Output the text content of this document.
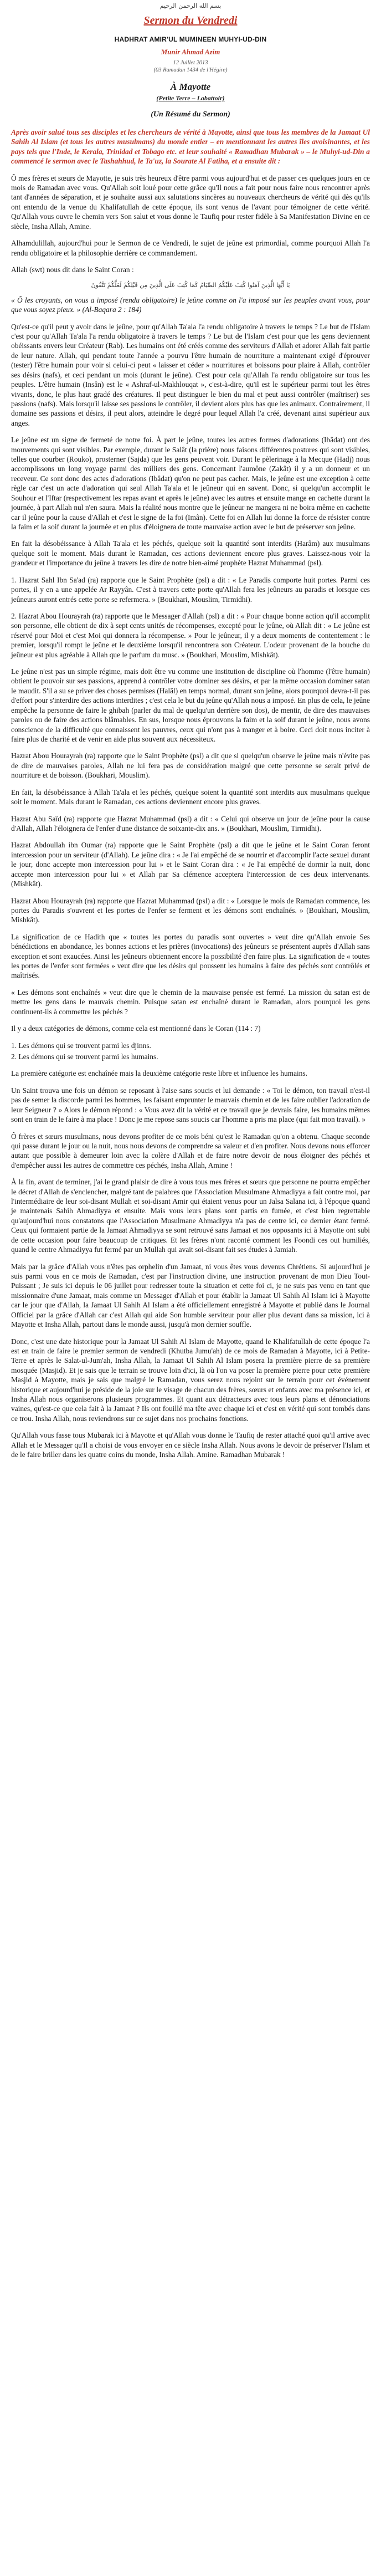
بسم الله الرحمن الرحيم
Sermon du Vendredi
HADHRAT AMIR'UL MUMINEEN MUHYI-UD-DIN
Munir Ahmad Azim
12 Juillet 2013
(03 Ramadan 1434 de l'Hégire)
À Mayotte
(Petite Terre – Labattoir)
(Un Résumé du Sermon)

Après avoir salué tous ses disciples et les chercheurs de vérité à Mayotte, ainsi que tous les membres de la Jamaat Ul Sahih Al Islam (et tous les autres musulmans) du monde entier – en mentionnant les autres îles avoisinantes, et les pays tels que l'Inde, le Kerala, Trinidad et Tobago etc. et leur souhaité « Ramadhan Mubarak » – le Muhyi-ud-Din a commencé le sermon avec le Tashahhud, le Ta'uz, la Sourate Al Fatiha, et a ensuite dit :

Ô mes frères et sœurs de Mayotte, je suis très heureux d'être parmi vous aujourd'hui et de passer ces quelques jours en ce mois de Ramadan avec vous. Qu'Allah soit loué pour cette grâce qu'Il nous a fait pour nous faire nous rencontrer après tant d'années de séparation, et je souhaite aussi aux salutations sincères au nouveaux chercheurs de vérité qui dès qu'ils ont entendu de la venue du Khalifatullah de cette époque, ils sont venus de l'avant pour témoigner de cette vérité. Qu'Allah vous ouvre le chemin vers Son salut et vous donne le Taufiq pour rester fidèle à Sa Manifestation Divine en ce siècle, Insha Allah, Amine.

Alhamdulillah, aujourd'hui pour le Sermon de ce Vendredi, le sujet de jeûne est primordial, comme pourquoi Allah l'a rendu obligatoire et la philosophie derrière ce commandement.

Allah (swt) nous dit dans le Saint Coran :

يَا أَيُّهَا الَّذِينَ آمَنُوا كُتِبَ عَلَيْكُمُ الصِّيَامُ كَمَا كُتِبَ عَلَى الَّذِينَ مِن قَبْلِكُمْ لَعَلَّكُمْ تَتَّقُونَ

« Ô les croyants, on vous a imposé (rendu obligatoire) le jeûne comme on l'a imposé sur les peuples avant vous, pour que vous soyez pieux. » (Al-Baqara 2 : 184)

Qu'est-ce qu'il peut y avoir dans le jeûne, pour qu'Allah Ta'ala l'a rendu obligatoire à travers le temps ? Le but de l'Islam c'est pour qu'Allah Ta'ala l'a rendu obligatoire à travers le temps ? Le but de l'Islam c'est pour que les gens deviennent obéissants envers leur Créateur (Rab). Les humains ont été créés comme des serviteurs d'Allah et adorer Allah fait partie de leur nature. Allah, qui pendant toute l'année a pourvu l'être humain de nourriture a maintenant exigé d'éprouver (tester) l'être humain pour voir si celui-ci peut « laisser et céder » nourritures et boissons pour plaire à Allah, contrôler ses désirs (nafs), et ceci pendant un mois (durant le jeûne). C'est pour cela qu'Allah l'a rendu obligatoire sur tous les peuples. L'être humain (Insân) est le « Ashraf-ul-Makhlouqat », c'est-à-dire, qu'il est le supérieur parmi tout les êtres vivants, donc, le plus haut gradé des créatures. Il peut distinguer le bien du mal et peut aussi contrôler (maîtriser) ses passions (nafs). Mais lorsqu'il laisse ses passions le contrôler, il devient alors plus bas que les animaux. Contrairement, il domaine ses passions et désirs, il peut alors, atteindre le degré pour lequel Allah l'a créé, devenant ainsi supérieur aux anges.

Le jeûne est un signe de fermeté de notre foi. À part le jeûne, toutes les autres formes d'adorations (Ibâdat) ont des mouvements qui sont visibles. Par exemple, durant le Salât (la prière) nous faisons différentes postures qui sont visibles, telles que courber (Rouko), prosterner (Sajda) que les gens peuvent voir. Durant le pèlerinage à la Mecque (Hadj) nous accomplissons un long voyage parmi des milliers des gens. Concernant l'aumône (Zakât) il y a un donneur et un receveur. Ce sont donc des actes d'adorations (Ibâdat) qu'on ne peut pas cacher. Mais, le jeûne est une exception à cette règle car c'est un acte d'adoration qui seul Allah Ta'ala et le jeûneur qui en savent. Donc, si quelqu'un accomplit le Souhour et l'Iftar (respectivement les repas avant et après le jeûne) avec les autres et ensuite mange en cachette durant la journée, à part Allah nul n'en saura. Mais la réalité nous montre que le jeûneur ne mangera ni ne boira même en cachette car il jeûne pour la cause d'Allah et c'est le signe de la foi (Imân). Cette foi en Allah lui donne la force de résister contre la faim et la soif durant la journée et en plus d'éloignera de toute mauvaise action avec le but de préserver son jeûne.

En fait la désobéissance à Allah Ta'ala et les péchés, quelque soit la quantité sont interdits (Harâm) aux musulmans quelque soit le moment. Mais durant le Ramadan, ces actions deviennent encore plus graves. Laissez-nous voir la grandeur et l'importance du jeûne à travers les dire de notre bien-aimé prophète Hazrat Muhammad (psl).

1. Hazrat Sahl Ibn Sa'ad (ra) rapporte que le Saint Prophète (psl) a dit : « Le Paradis comporte huit portes. Parmi ces portes, il y en a une appelée Ar Rayyân. C'est à travers cette porte qu'Allah fera les jeûneurs au paradis et lorsque ces jeûneurs auront entrés cette porte se refermera. » (Boukhari, Mouslim, Tirmidhi).

2. Hazrat Abou Hourayrah (ra) rapporte que le Messager d'Allah (psl) a dit : « Pour chaque bonne action qu'il accomplit son personne, elle obtient de dix à sept cents unités de récompenses, excepté pour le jeûne, où Allah dit : « Le jeûne est réservé pour Moi et c'est Moi qui donnera la récompense. » Pour le jeûneur, il y a deux moments de contentement : le premier, lorsqu'il rompt le jeûne et le deuxième lorsqu'il rencontrera son Créateur. L'odeur provenant de la bouche du jeûneur est plus agréable à Allah que le parfum du musc. » (Boukhari, Mouslim, Mishkât).

Le jeûne n'est pas un simple régime, mais doit être vu comme une institution de discipline où l'homme (l'être humain) obtient le pouvoir sur ses passions, apprend à contrôler votre dominer ses désirs, et par la même occasion dominer satan le maudit. S'il a su se priver des choses permises (Halâl) en temps normal, durant son jeûne, alors pourquoi devra-t-il pas d'effort pour s'interdire des actions interdites ; c'est cela le but du jeûne qu'Allah nous a imposé. En plus de cela, le jeûne empêche la personne de faire le ghibah (parler du mal de quelqu'un derrière son dos), de mentir, de dire des mauvaises paroles ou de faire des actions blâmables. En sus, lorsque nous éprouvons la faim et la soif durant le jeûne, nous avons conscience de la difficulté que connaissent les pauvres, ceux qui n'ont pas à manger et à boire. Ceci doit nous inciter à faire plus de charité et de venir en aide plus souvent aux nécessiteux.

Hazrat Abou Hourayrah (ra) rapporte que le Saint Prophète (psl) a dit que si quelqu'un observe le jeûne mais n'évite pas de dire de mauvaises paroles, Allah ne lui fera pas de considération malgré que cette personne se serait privé de nourriture et de boisson. (Boukhari, Mouslim).

En fait, la désobéissance à Allah Ta'ala et les péchés, quelque soient la quantité sont interdits aux musulmans quelque soit le moment. Mais durant le Ramadan, ces actions deviennent encore plus graves.

Hazrat Abu Saïd (ra) rapporte que Hazrat Muhammad (psl) a dit : « Celui qui observe un jour de jeûne pour la cause d'Allah, Allah l'éloignera de l'enfer d'une distance de soixante-dix ans. » (Boukhari, Mouslim, Tirmidhi).

Hazrat Abdoullah ibn Oumar (ra) rapporte que le Saint Prophète (psl) a dit que le jeûne et le Saint Coran feront intercession pour un serviteur (d'Allah). Le jeûne dira : « Je l'ai empêché de se nourrir et d'accomplir l'acte sexuel durant le jour, donc accepte mon intercession pour lui » et le Saint Coran dira : « Je l'ai empêché de dormir la nuit, donc accepte mon intercession pour lui » et Allah par Sa clémence acceptera l'intercession de ces deux intervenants. (Mishkât).

Hazrat Abou Hourayrah (ra) rapporte que Hazrat Muhammad (psl) a dit : « Lorsque le mois de Ramadan commence, les portes du Paradis s'ouvrent et les portes de l'enfer se ferment et les démons sont enchaînés. » (Boukhari, Mouslim, Mishkât).

La signification de ce Hadith que « toutes les portes du paradis sont ouvertes » veut dire qu'Allah envoie Ses bénédictions en abondance, les bonnes actions et les prières (invocations) des jeûneurs se présentent auprès d'Allah sans exception et sont exaucées. Ainsi les jeûneurs obtiennent encore la possibilité d'en faire plus. La signification de « toutes les portes de l'enfer sont fermées » veut dire que les désirs qui poussent les humains à faire des péchés sont contrôlés et maîtrisés.

« Les démons sont enchaînés » veut dire que le chemin de la mauvaise pensée est fermé. La mission du satan est de mettre les gens dans le mauvais chemin. Puisque satan est enchaîné durant le Ramadan, alors pourquoi les gens continuent-ils à commettre les péchés ?

Il y a deux catégories de démons, comme cela est mentionné dans le Coran (114 : 7)

1. Les démons qui se trouvent parmi les djinns.
2. Les démons qui se trouvent parmi les humains.

La première catégorie est enchaînée mais la deuxième catégorie reste libre et influence les humains.

Un Saint trouva une fois un démon se reposant à l'aise sans soucis et lui demande : « Toi le démon, ton travail n'est-il pas de semer la discorde parmi les hommes, les faisant emprunter le mauvais chemin et de les faire oublier l'adoration de leur Seigneur ? » Alors le démon répond : « Vous avez dit la vérité et ce travail que je devrais faire, les humains mêmes sont en train de le faire à ma place ! Donc je me repose sans soucis car l'homme a pris ma place (qui fait mon travail). »

Ô frères et sœurs musulmans, nous devons profiter de ce mois béni qu'est le Ramadan qu'on a obtenu. Chaque seconde qui passe durant le jour ou la nuit, nous nous devons de comprendre sa valeur et d'en profiter. Nous devons nous efforcer autant que possible à demeurer loin avec la colère d'Allah et de faire notre devoir de nous éloigner des péchés et d'empêcher aussi les autres de commettre ces péchés, Insha Allah, Amine !

À la fin, avant de terminer, j'ai le grand plaisir de dire à vous tous mes frères et sœurs que personne ne pourra empêcher le décret d'Allah de s'enclencher, malgré tant de palabres que l'Association Musulmane Ahmadiyya a fait contre moi, par l'intermédiaire de leur soi-disant Mullah et soi-disant Amir qui étaient venus pour un Jalsa Salana ici, à l'époque quand je maintenais Sahih Ahmadiyya et ensuite. Mais vous leurs plans sont partis en fumée, et c'est bien regrettable qu'aujourd'hui nous constatons que l'Association Musulmane Ahmadiyya n'a pas de centre ici, ce dernier étant fermé. Ceux qui formaient partie de la Jamaat Ahmadiyya se sont retrouvé sans Jamaat et nos opposants ici à Mayotte ont subi de cette occasion pour faire beaucoup de critiques. Et les frères n'ont raconté comment les Foondi ces out humiliés, quand le centre Ahmadiyya fut fermé par un Mullah qui avait soi-disant fait ses études à Jamiah.

Mais par la grâce d'Allah vous n'êtes pas orphelin d'un Jamaat, ni vous êtes vous devenus Chrétiens. Si aujourd'hui je suis parmi vous en ce mois de Ramadan, c'est par l'instruction divine, une instruction provenant de mon Dieu Tout-Puissant ; Je suis ici depuis le 06 juillet pour redresser toute la situation et cette foi ci, je ne suis pas venu en tant que missionnaire d'une Jamaat, mais comme un Messager d'Allah et pour établir la Jamaat Ul Sahih Al Islam ici à Mayotte car le jour que d'Allah, la Jamaat Ul Sahih Al Islam a été officiellement enregistré à Mayotte et publié dans le Journal Officiel par la grâce d'Allah car c'est Allah qui aide Son humble serviteur pour aller plus devant dans sa mission, ici à Mayotte et Insha Allah, partout dans le monde aussi, jusqu'à mon dernier souffle.

Donc, c'est une date historique pour la Jamaat Ul Sahih Al Islam de Mayotte, quand le Khalifatullah de cette époque l'a est en train de faire le premier sermon de vendredi (Khutba Jumu'ah) de ce mois de Ramadan à Mayotte, ici à Petite-Terre et après le Salat-ul-Jum'ah, Insha Allah, la Jamaat Ul Sahih Al Islam posera la première pierre de sa première mosquée (Masjid). Et je sais que le terrain se trouve loin d'ici, là où l'on va poser la première pierre pour cette première Masjid à Mayotte, mais je sais que malgré le Ramadan, vous serez nous rejoint sur le terrain pour cet événement historique et aujourd'hui je préside de la joie sur le visage de chacun des frères, sœurs et enfants avec ma présence ici, et Insha Allah nous organiserons plusieurs programmes. Et quant aux détracteurs avec tous leurs plans et dénonciations vaines, qu'est-ce que cela fait à la Jamaat ? Ils ont fouillé ma tête avec chaque ici et c'est en vérité qui sont tombés dans ce trou. Insha Allah, nous reviendrons sur ce sujet dans nos prochains fonctions.

Qu'Allah vous fasse tous Mubarak ici à Mayotte et qu'Allah vous donne le Taufiq de rester attaché quoi qu'il arrive avec Allah et le Messager qu'Il a choisi de vous envoyer en ce siècle Insha Allah. Nous avons le devoir de préserver l'Islam et de le faire briller dans les quatre coins du monde, Insha Allah. Amine. Ramadhan Mubarak !
